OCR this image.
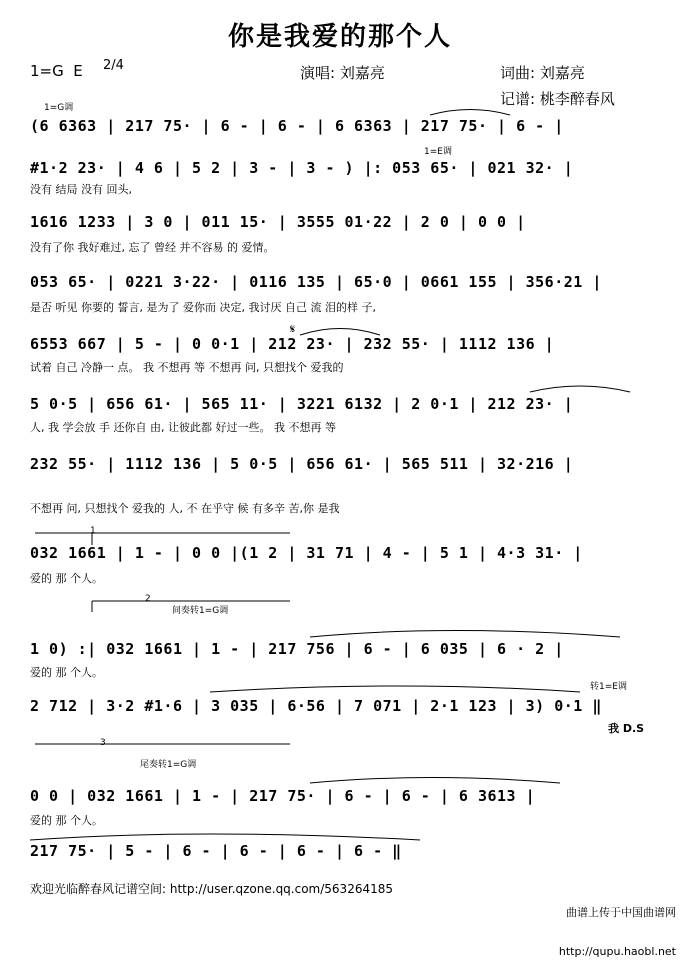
你是我爱的那个人
1=G  E 2/4	演唱: 刘嘉亮	词曲: 刘嘉亮
记谱: 桃李醉春风
1=G调
1=E调
𝄋
1
2
3
间奏转1=G调
转1=E调
我 D.S
尾奏转1=G调
(6 6363 | 217 75· | 6 - | 6 - | 6 6363 | 217 75· | 6 - |
#1·2 23· | 4 6 | 5 2 | 3 - | 3 - ) |: 053 65· | 021 32· |
没有 结局 没有 回头,
1616 1233 | 3 0 | 011 15· | 3555 01·22 | 2 0 | 0 0 |
没有了你 我好难过, 忘了 曾经 并不容易 的 爱情。
053 65· | 0221 3·22· | 0116 135 | 65·0 | 0661 155 | 356·21 |
是否 听见 你要的 誓言, 是为了 爱你而 决定, 我讨厌 自己 流 泪的样 子,
6553 667 | 5 - | 0 0·1 | 212 23· | 232 55· | 1112 136 |
试着 自己 冷静一 点。 我 不想再 等 不想再 问, 只想找个 爱我的
5 0·5 | 656 61· | 565 11· | 3221 6132 | 2 0·1 | 212 23· |
人, 我 学会放 手 还你自 由, 让彼此都 好过一些。 我 不想再 等
232 55· | 1112 136 | 5 0·5 | 656 61· | 565 511 | 32·216 |
不想再 问, 只想找个 爱我的 人, 不 在乎守 候 有多辛 苦,你 是我
032 1661 | 1 - | 0 0 |(1 2 | 31 71 | 4 - | 5 1 | 4·3 31· |
爱的 那 个人。
1 0) :| 032 1661 | 1 - | 217 756 | 6 - | 6 035 | 6 · 2 |
爱的 那 个人。
2 712 | 3·2 #1·6 | 3 035 | 6·56 | 7 071 | 2·1 123 | 3) 0·1 ‖
0 0 | 032 1661 | 1 - | 217 75· | 6 - | 6 - | 6 3613 |
爱的 那 个人。
217 75· | 5 - | 6 - | 6 - | 6 - | 6 - ‖
欢迎光临醉春风记谱空间: http://user.qzone.qq.com/563264185

曲谱上传于中国曲谱网

http://qupu.haobl.net
